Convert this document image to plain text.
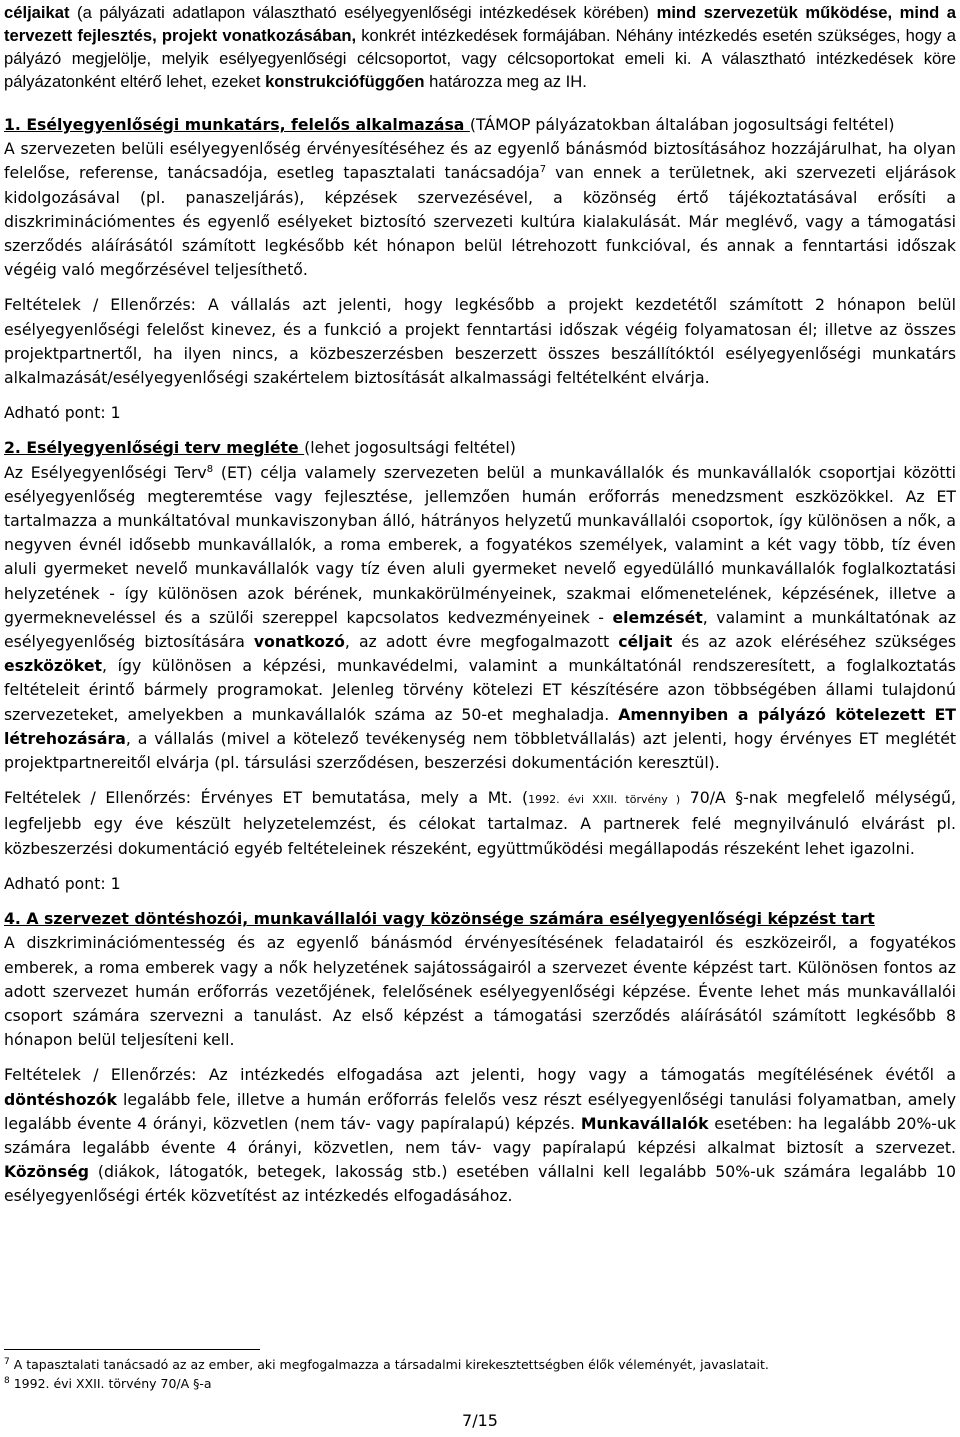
céljaikat (a pályázati adatlapon választható esélyegyenlőségi intézkedések körében) mind szervezetük működése, mind a tervezett fejlesztés, projekt vonatkozásában, konkrét intézkedések formájában. Néhány intézkedés esetén szükséges, hogy a pályázó megjelölje, melyik esélyegyenlőségi célcsoportot, vagy célcsoportokat emeli ki. A választható intézkedések köre pályázatonként eltérő lehet, ezeket konstrukciófüggően határozza meg az IH.

1. Esélyegyenlőségi munkatárs, felelős alkalmazása (TÁMOP pályázatokban általában jogosultsági feltétel)

A szervezeten belüli esélyegyenlőség érvényesítéséhez és az egyenlő bánásmód biztosításához hozzájárulhat, ha olyan felelőse, referense, tanácsadója, esetleg tapasztalati tanácsadója$^7$ van ennek a területnek, aki szervezeti eljárások kidolgozásával (pl. panaszeljárás), képzések szervezésével, a közönség értő tájékoztatásával erősíti a diszkriminációmentes és egyenlő esélyeket biztosító szervezeti kultúra kialakulását. Már meglévő, vagy a támogatási szerződés aláírásától számított legkésőbb két hónapon belül létrehozott funkcióval, és annak a fenntartási időszak végéig való megőrzésével teljesíthető.

Feltételek / Ellenőrzés: A vállalás azt jelenti, hogy legkésőbb a projekt kezdetétől számított 2 hónapon belül esélyegyenlőségi felelőst kinevez, és a funkció a projekt fenntartási időszak végéig folyamatosan él; illetve az összes projektpartnertől, ha ilyen nincs, a közbeszerzésben beszerzett összes beszállítóktól esélyegyenlőségi munkatárs alkalmazását/esélyegyenlőségi szakértelem biztosítását alkalmassági feltételként elvárja.

Adható pont: 1

2. Esélyegyenlőségi terv megléte (lehet jogosultsági feltétel)

Az Esélyegyenlőségi Terv$^8$ (ET) célja valamely szervezeten belül a munkavállalók és munkavállalók csoportjai közötti esélyegyenlőség megteremtése vagy fejlesztése, jellemzően humán erőforrás menedzsment eszközökkel. Az ET tartalmazza a munkáltatóval munkaviszonyban álló, hátrányos helyzetű munkavállalói csoportok, így különösen a nők, a negyven évnél idősebb munkavállalók, a roma emberek, a fogyatékos személyek, valamint a két vagy több, tíz éven aluli gyermeket nevelő munkavállalók vagy tíz éven aluli gyermeket nevelő egyedülálló munkavállalók foglalkoztatási helyzetének - így különösen azok bérének, munkakörülményeinek, szakmai előmenetelének, képzésének, illetve a gyermekneveléssel és a szülői szereppel kapcsolatos kedvezményeinek - elemzését, valamint a munkáltatónak az esélyegyenlőség biztosítására vonatkozó, az adott évre megfogalmazott céljait és az azok eléréséhez szükséges eszközöket, így különösen a képzési, munkavédelmi, valamint a munkáltatónál rendszeresített, a foglalkoztatás feltételeit érintő bármely programokat. Jelenleg törvény kötelezi ET készítésére azon többségében állami tulajdonú szervezeteket, amelyekben a munkavállalók száma az 50-et meghaladja. Amennyiben a pályázó kötelezett ET létrehozására, a vállalás (mivel a kötelező tevékenység nem többletvállalás) azt jelenti, hogy érvényes ET meglétét projektpartnereitől elvárja (pl. társulási szerződésen, beszerzési dokumentáción keresztül).

Feltételek / Ellenőrzés: Érvényes ET bemutatása, mely a Mt. (1992. évi XXII. törvény ) 70/A §-nak megfelelő mélységű, legfeljebb egy éve készült helyzetelemzést, és célokat tartalmaz. A partnerek felé megnyilvánuló elvárást pl. közbeszerzési dokumentáció egyéb feltételeinek részeként, együttműködési megállapodás részeként lehet igazolni.

Adható pont: 1

4. A szervezet döntéshozói, munkavállalói vagy közönsége számára esélyegyenlőségi képzést tart

A diszkriminációmentesség és az egyenlő bánásmód érvényesítésének feladatairól és eszközeiről, a fogyatékos emberek, a roma emberek vagy a nők helyzetének sajátosságairól a szervezet évente képzést tart. Különösen fontos az adott szervezet humán erőforrás vezetőjének, felelősének esélyegyenlőségi képzése. Évente lehet más munkavállalói csoport számára szervezni a tanulást. Az első képzést a támogatási szerződés aláírásától számított legkésőbb 8 hónapon belül teljesíteni kell.

Feltételek / Ellenőrzés: Az intézkedés elfogadása azt jelenti, hogy vagy a támogatás megítélésének évétől a döntéshozók legalább fele, illetve a humán erőforrás felelős vesz részt esélyegyenlőségi tanulási folyamatban, amely legalább évente 4 órányi, közvetlen (nem táv- vagy papíralapú) képzés. Munkavállalók esetében: ha legalább 20%-uk számára legalább évente 4 órányi, közvetlen, nem táv- vagy papíralapú képzési alkalmat biztosít a szervezet. Közönség (diákok, látogatók, betegek, lakosság stb.) esetében vállalni kell legalább 50%-uk számára legalább 10 esélyegyenlőségi érték közvetítést az intézkedés elfogadásához.

$^7$ A tapasztalati tanácsadó az az ember, aki megfogalmazza a társadalmi kirekesztettségben élők véleményét, javaslatait.

$^8$ 1992. évi XXII. törvény 70/A §-a

7/15
